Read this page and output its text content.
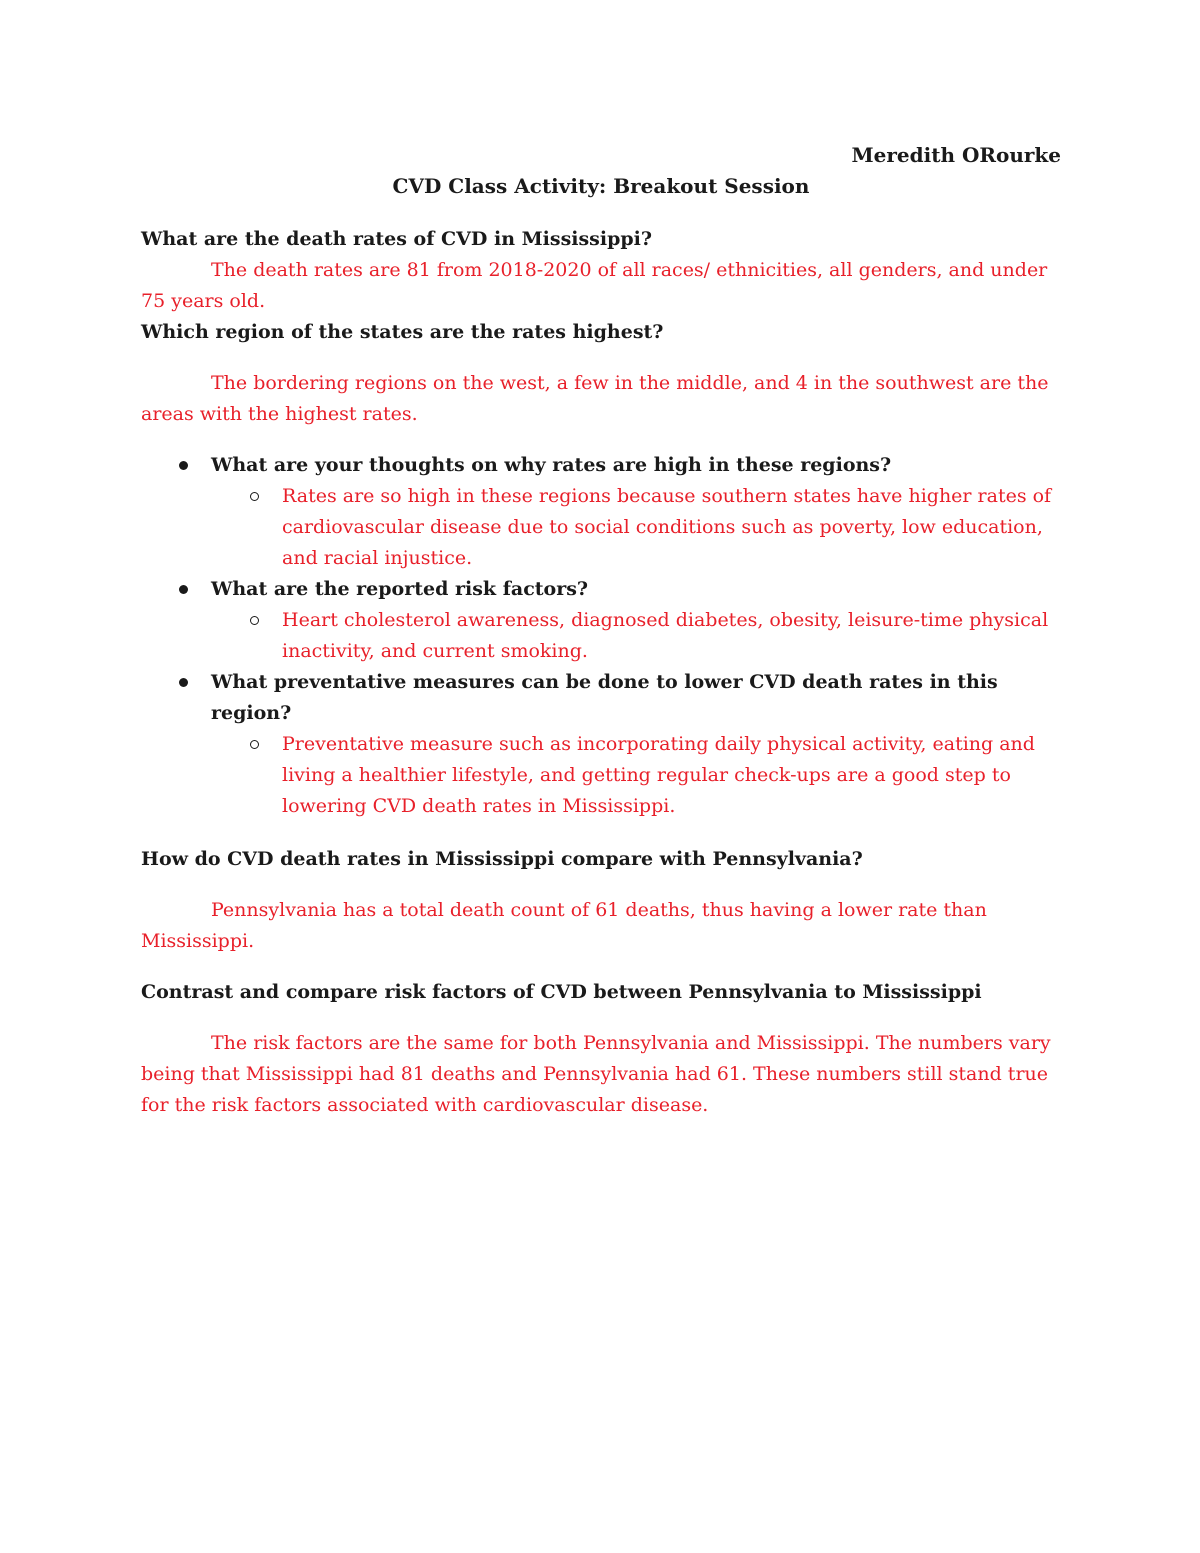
Meredith ORourke
CVD Class Activity: Breakout Session

What are the death rates of CVD in Mississippi?

The death rates are 81 from 2018-2020 of all races/ ethnicities, all genders, and under 75 years old.

Which region of the states are the rates highest?

The bordering regions on the west, a few in the middle, and 4 in the southwest are the areas with the highest rates.

What are your thoughts on why rates are high in these regions?
Rates are so high in these regions because southern states have higher rates of cardiovascular disease due to social conditions such as poverty, low education, and racial injustice.
What are the reported risk factors?
Heart cholesterol awareness, diagnosed diabetes, obesity, leisure-time physical inactivity, and current smoking.
What preventative measures can be done to lower CVD death rates in this region?
Preventative measure such as incorporating daily physical activity, eating and living a healthier lifestyle, and getting regular check-ups are a good step to lowering CVD death rates in Mississippi.

How do CVD death rates in Mississippi compare with Pennsylvania?

Pennsylvania has a total death count of 61 deaths, thus having a lower rate than Mississippi.

Contrast and compare risk factors of CVD between Pennsylvania to Mississippi

The risk factors are the same for both Pennsylvania and Mississippi. The numbers vary being that Mississippi had 81 deaths and Pennsylvania had 61. These numbers still stand true for the risk factors associated with cardiovascular disease.
